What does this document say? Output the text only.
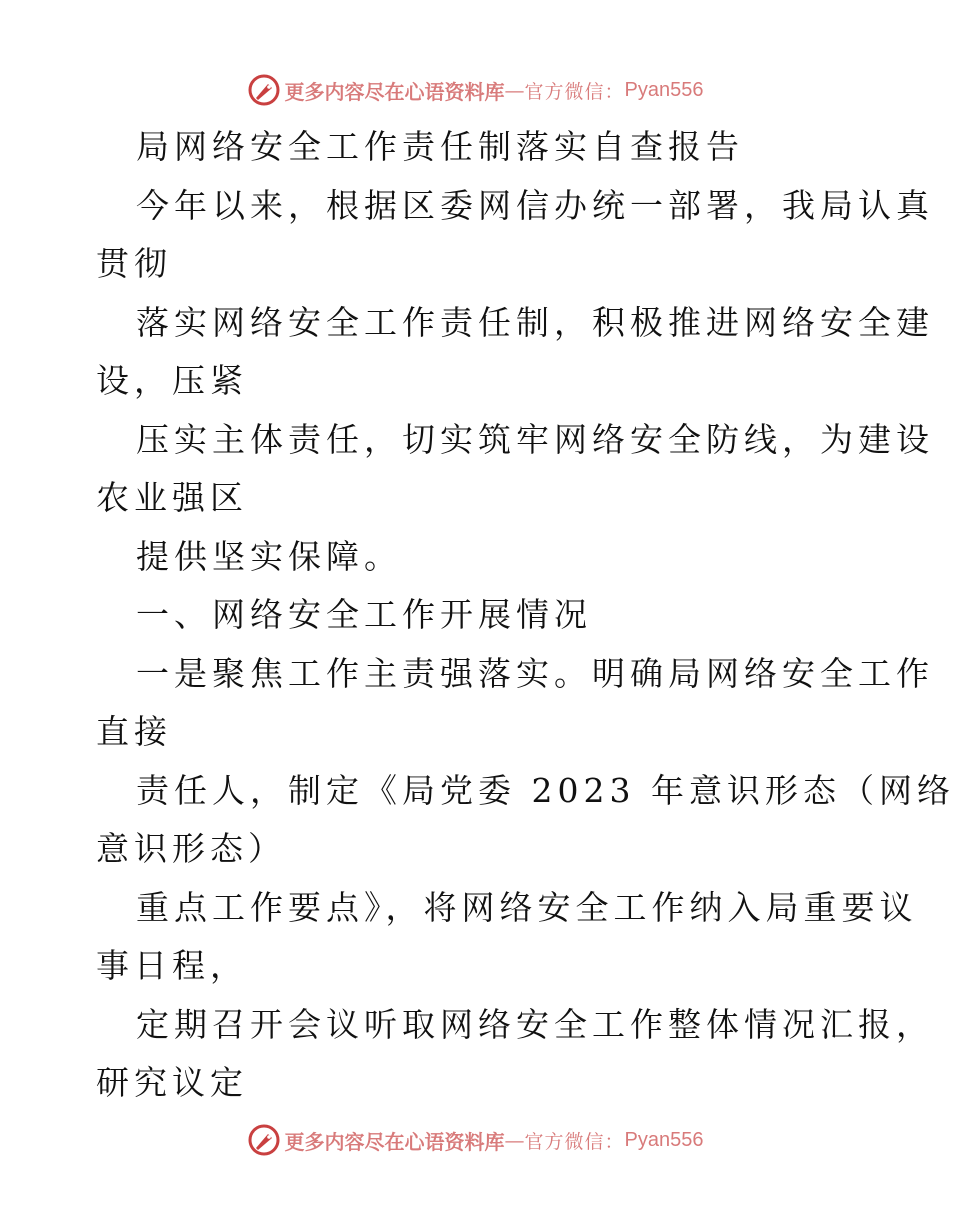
更多内容尽在心语资料库 — 官方微信： Pyan556
局网络安全工作责任制落实自查报告
今年以来，根据区委网信办统一部署，我局认真
贯彻
落实网络安全工作责任制，积极推进网络安全建
设，压紧
压实主体责任，切实筑牢网络安全防线，为建设
农业强区
提供坚实保障。
一、网络安全工作开展情况
一是聚焦工作主责强落实。明确局网络安全工作
直接
责任人，制定《局党委 2023 年意识形态（网络
意识形态）
重点工作要点》，将网络安全工作纳入局重要议
事日程，
定期召开会议听取网络安全工作整体情况汇报，
研究议定
更多内容尽在心语资料库 — 官方微信： Pyan556
